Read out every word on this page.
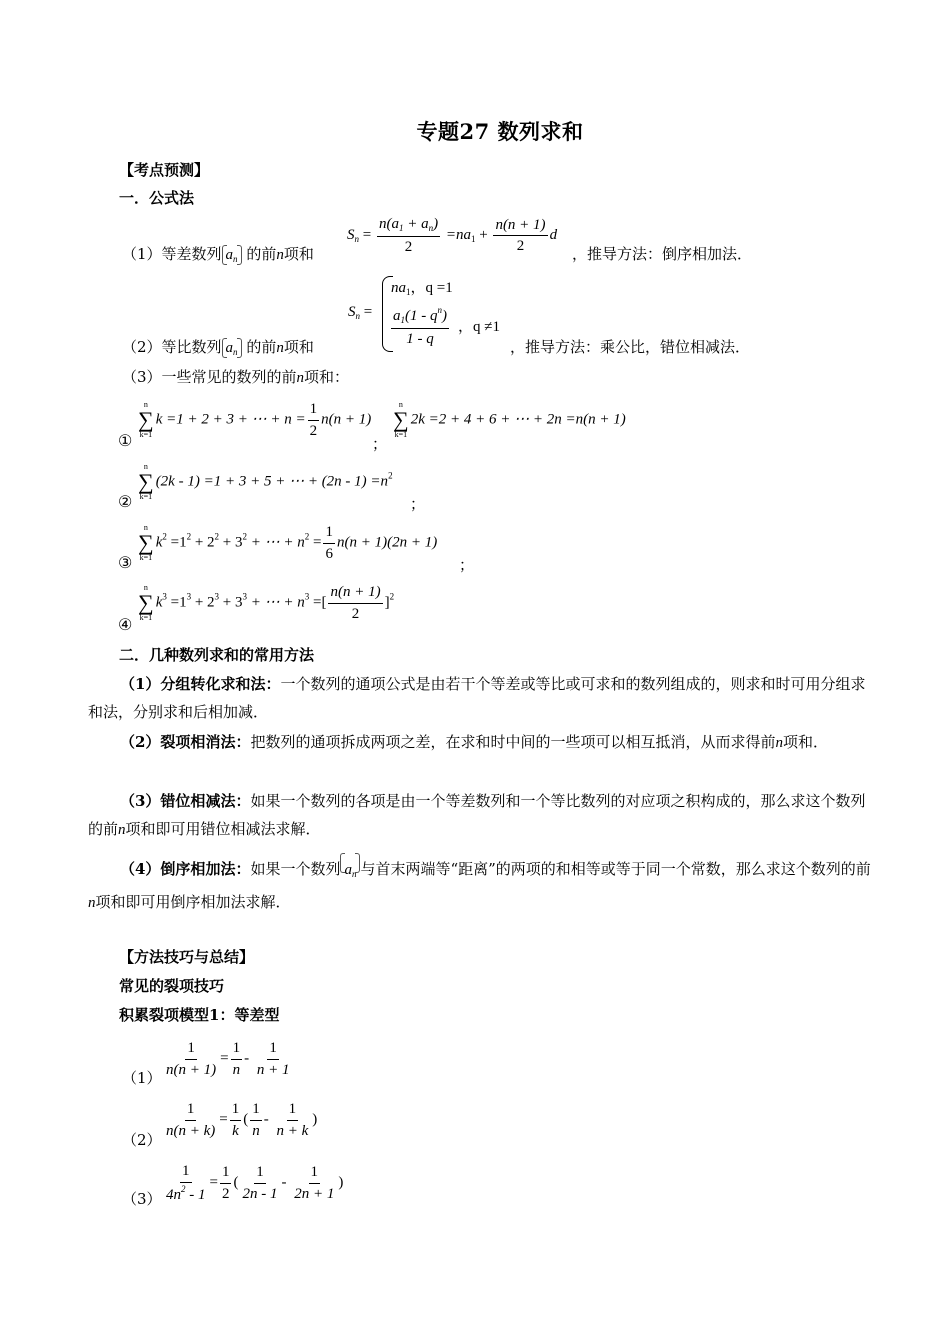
专题27 数列求和
【考点预测】
一．公式法
（1）等差数列 $a_n$ 的前n项和
$S_n = \frac{n(a_1 + a_n)}{2} =na_1 + \frac{n(n + 1)}{2}$ d
，推导方法：倒序相加法．
（2）等比数列 $a_n$ 的前n项和
$S_n$ =
$na_1$，q =1
$\frac{a_1(1 - q^n)}{1 - q}$ ，q ≠1
，推导方法：乘公比，错位相减法．
（3）一些常见的数列的前n项和：
①
n
∑
k=1
k =1 + 2 + 3 + ⋯ + $n = \frac{1}{2} n(n + 1)$
；
n
∑
k=1
2k =2 + 4 + 6 + ⋯ + 2n =n(n + 1)
②
n
∑
k=1
(2k - 1) =1 + 3 + 5 + ⋯ + $(2n - 1) =n^2$
；
③
n
∑
k=1
$k^2 =1^2 + 2^2 + 3^2$ + ⋯ + $n^2 = \frac{1}{6} n(n + 1)(2n + 1)$
；
④
n
∑
k=1
$k^3 =1^3 + 2^3 + 3^3$ + ⋯ + $n^3$ =[ $\frac{n(n + 1)}{2} ]^2$
二．几种数列求和的常用方法
（1）分组转化求和法：一个数列的通项公式是由若干个等差或等比或可求和的数列组成的，则求和时可用分组求和法，分别求和后相加减．
（2）裂项相消法：把数列的通项拆成两项之差，在求和时中间的一些项可以相互抵消，从而求得前n项和．
（3）错位相减法：如果一个数列的各项是由一个等差数列和一个等比数列的对应项之积构成的，那么求这个数列的前n项和即可用错位相减法求解．
（4）倒序相加法：如果一个数列 $a_n$ 与首末两端等“距离”的两项的和相等或等于同一个常数，那么求这个数列的前n项和即可用倒序相加法求解．
【方法技巧与总结】
常见的裂项技巧
积累裂项模型1：等差型
$(1) \frac{1}{n(n + 1)} = \frac{1}{n} - \frac{1}{n + 1}$
（2）
$\frac{1}{n(n + k)} = \frac{1}{k}$ ( $\frac{1}{n} - \frac{1}{n + k}$ )
$(3) \frac{1}{4n^2 - 1} = \frac{1}{2}$ ( $\frac{1}{2n - 1} - \frac{1}{2n + 1}$ )
